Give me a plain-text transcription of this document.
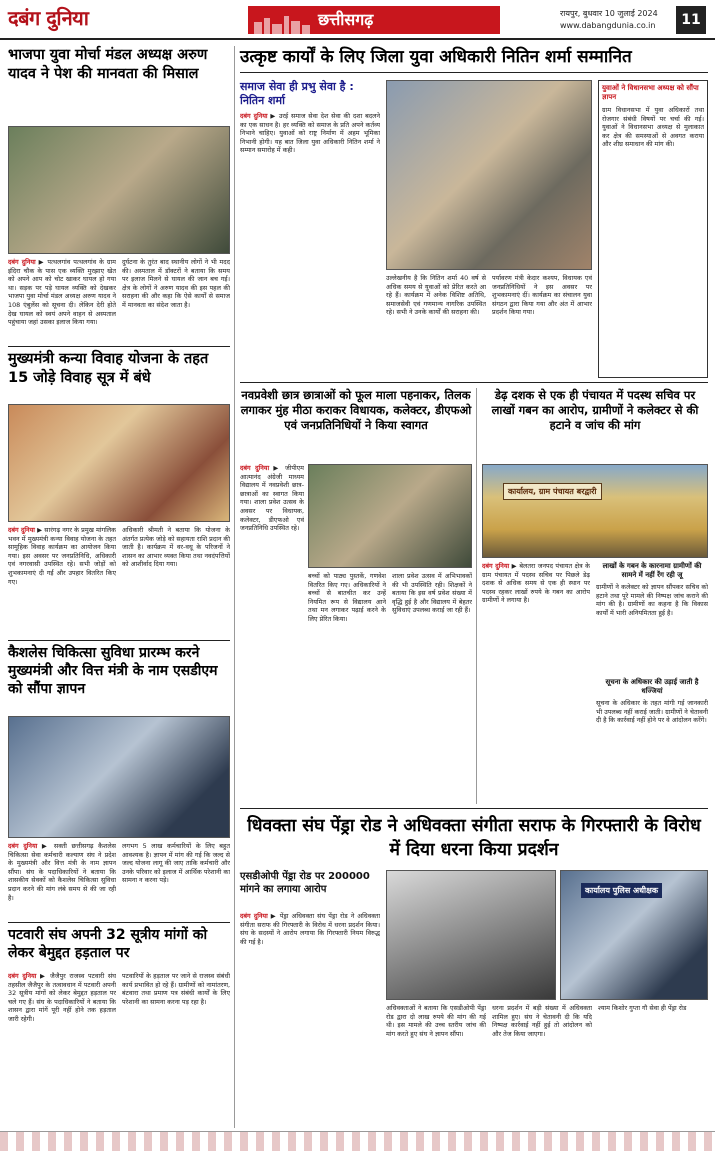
दबंग दुनिया	छत्तीसगढ़	रायपुर, बुधवार 10 जुलाई 2024
www.dabangdunia.co.in	11
भाजपा युवा मोर्चा मंडल अध्यक्ष अरुण यादव ने पेश की मानवता की मिसाल
दबंग दुनिया ▶ पत्थलगांव पत्थलगांव के ग्राम इंदिरा चौक के पास एक व्यक्ति मुरझाए खेत को अपने आप को चोट खाकर घायल हो गया था। सड़क पर पड़े घायल व्यक्ति को देखकर भाजपा युवा मोर्चा मंडल अध्यक्ष अरुण यादव ने 108 एंबुलेंस को सूचना दी। लेकिन देरी होते देख घायल को स्वयं अपने वाहन से अस्पताल पहुंचाया जहां उसका इलाज किया गया।
दुर्घटना के तुरंत बाद स्थानीय लोगों ने भी मदद की। अस्पताल में डॉक्टरों ने बताया कि समय पर इलाज मिलने से घायल की जान बच गई। क्षेत्र के लोगों ने अरुण यादव की इस पहल की सराहना की और कहा कि ऐसे कार्यों से समाज में मानवता का संदेश जाता है।
मुख्यमंत्री कन्या विवाह योजना के तहत 15 जोड़े विवाह सूत्र में बंधे
दबंग दुनिया ▶ सारंगढ़ नगर के प्रमुख मांगलिक भवन में मुख्यमंत्री कन्या विवाह योजना के तहत सामूहिक विवाह कार्यक्रम का आयोजन किया गया। इस अवसर पर जनप्रतिनिधि, अधिकारी एवं नगरवासी उपस्थित रहे। सभी जोड़ों को शुभकामनाएं दी गईं और उपहार वितरित किए गए।
अधिकारी श्रीमती ने बताया कि योजना के अंतर्गत प्रत्येक जोड़े को सहायता राशि प्रदान की जाती है। कार्यक्रम में वर-वधू के परिजनों ने शासन का आभार व्यक्त किया तथा नवदंपत्तियों को आशीर्वाद दिया गया।
कैशलेस चिकित्सा सुविधा प्रारम्भ करने मुख्यमंत्री और वित्त मंत्री के नाम एसडीएम को सौंपा ज्ञापन
दबंग दुनिया ▶ सक्ती छत्तीसगढ़ कैशलेस चिकित्सा सेवा कर्मचारी कल्याण संघ ने प्रदेश के मुख्यमंत्री और वित्त मंत्री के नाम ज्ञापन सौंपा। संघ के पदाधिकारियों ने बताया कि शासकीय सेवकों को कैशलेस चिकित्सा सुविधा प्रदान करने की मांग लंबे समय से की जा रही है।
लगभग 5 लाख कर्मचारियों के लिए बहुत आवश्यक है। ज्ञापन में मांग की गई कि जल्द से जल्द योजना लागू की जाए ताकि कर्मचारी और उनके परिवार को इलाज में आर्थिक परेशानी का सामना न करना पड़े।
पटवारी संघ अपनी 32 सूत्रीय मांगों को लेकर बेमुद्दत हड़ताल पर
दबंग दुनिया ▶ जैजैपुर राजस्व पटवारी संघ तहसील जैजैपुर के तत्वावधान में पटवारी अपनी 32 सूत्रीय मांगों को लेकर बेमुद्दत हड़ताल पर चले गए हैं। संघ के पदाधिकारियों ने बताया कि शासन द्वारा मांगें पूरी नहीं होने तक हड़ताल जारी रहेगी।
पटवारियों के हड़ताल पर जाने से राजस्व संबंधी कार्य प्रभावित हो रहे हैं। ग्रामीणों को नामांतरण, बंटवारा तथा प्रमाण पत्र संबंधी कार्यों के लिए परेशानी का सामना करना पड़ रहा है।
उत्कृष्ट कार्यों के लिए जिला युवा अधिकारी नितिन शर्मा सम्मानित
समाज सेवा ही प्रभु सेवा है : नितिन शर्मा
दबंग दुनिया ▶ उरई समाज सेवा देश सेवा की दशा बदलने का एक साधन है। हर व्यक्ति को समाज के प्रति अपने कर्तव्य निभाने चाहिए। युवाओं को राष्ट्र निर्माण में अहम भूमिका निभानी होगी। यह बात जिला युवा अधिकारी नितिन शर्मा ने सम्मान समारोह में कही।
उल्लेखनीय है कि नितिन शर्मा 40 वर्ष से अधिक समय से युवाओं को प्रेरित करते आ रहे हैं। कार्यक्रम में अनेक विशिष्ट अतिथि, समाजसेवी एवं गणमान्य नागरिक उपस्थित रहे। सभी ने उनके कार्यों की सराहना की।
पर्यावरण मंत्री केदार कश्यप, विधायक एवं जनप्रतिनिधियों ने इस अवसर पर शुभकामनाएं दीं। कार्यक्रम का संचालन युवा संगठन द्वारा किया गया और अंत में आभार प्रदर्शन किया गया।
युवाओं ने विधानसभा अध्यक्ष को सौंपा ज्ञापन
ग्राम विधानसभा में युवा अधिकारों तथा रोजगार संबंधी विषयों पर चर्चा की गई। युवाओं ने विधानसभा अध्यक्ष से मुलाकात कर क्षेत्र की समस्याओं से अवगत कराया और शीघ्र समाधान की मांग की।
नवप्रवेशी छात्र छात्राओं को फूल माला पहनाकर, तिलक लगाकर मुंह मीठा कराकर विधायक, कलेक्टर, डीएफओ एवं जनप्रतिनिधियों ने किया स्वागत
दबंग दुनिया ▶ जीपीएम आत्मानंद अंग्रेजी माध्यम विद्यालय में नवप्रवेशी छात्र-छात्राओं का स्वागत किया गया। शाला प्रवेश उत्सव के अवसर पर विधायक, कलेक्टर, डीएफओ एवं जनप्रतिनिधि उपस्थित रहे।
बच्चों को पाठ्य पुस्तकें, गणवेश वितरित किए गए। अधिकारियों ने बच्चों से बातचीत कर उन्हें नियमित रूप से विद्यालय आने तथा मन लगाकर पढ़ाई करने के लिए प्रेरित किया।
शाला प्रवेश उत्सव में अभिभावकों की भी उपस्थिति रही। शिक्षकों ने बताया कि इस वर्ष प्रवेश संख्या में वृद्धि हुई है और विद्यालय में बेहतर सुविधाएं उपलब्ध कराई जा रही हैं।
डेढ़ दशक से एक ही पंचायत में पदस्थ सचिव पर लाखों गबन का आरोप, ग्रामीणों ने कलेक्टर से की हटाने व जांच की मांग
कार्यालय, ग्राम पंचायत बरद्वारी
दबंग दुनिया ▶ बेलतरा जनपद पंचायत क्षेत्र के ग्राम पंचायत में पदस्थ सचिव पर पिछले डेढ़ दशक से अधिक समय से एक ही स्थान पर पदस्थ रहकर लाखों रुपये के गबन का आरोप ग्रामीणों ने लगाया है।
लाखों के गबन के कारनामा ग्रामीणों की सामने में नहीं रेंग रही जू
ग्रामीणों ने कलेक्टर को ज्ञापन सौंपकर सचिव को हटाने तथा पूरे मामले की निष्पक्ष जांच कराने की मांग की है। ग्रामीणों का कहना है कि विकास कार्यों में भारी अनियमितता हुई है।
सूचना के अधिकार की उड़ाई जाती है धज्जियां
सूचना के अधिकार के तहत मांगी गई जानकारी भी उपलब्ध नहीं कराई जाती। ग्रामीणों ने चेतावनी दी है कि कार्रवाई नहीं होने पर वे आंदोलन करेंगे।
धिवक्ता संघ पेंड्रा रोड ने अधिवक्ता संगीता सराफ के गिरफ्तारी के विरोध में दिया धरना किया प्रदर्शन
एसडीओपी पेंड्रा रोड पर 200000 मांगने का लगाया आरोप
दबंग दुनिया ▶ पेंड्रा अधिवक्ता संघ पेंड्रा रोड ने अधिवक्ता संगीता सराफ की गिरफ्तारी के विरोध में धरना प्रदर्शन किया। संघ के सदस्यों ने आरोप लगाया कि गिरफ्तारी नियम विरुद्ध की गई है।
कार्यालय पुलिस अधीक्षक
अधिवक्ताओं ने बताया कि एसडीओपी पेंड्रा रोड द्वारा दो लाख रुपये की मांग की गई थी। इस मामले की उच्च स्तरीय जांच की मांग करते हुए संघ ने ज्ञापन सौंपा।
धरना प्रदर्शन में बड़ी संख्या में अधिवक्ता शामिल हुए। संघ ने चेतावनी दी कि यदि निष्पक्ष कार्रवाई नहीं हुई तो आंदोलन को और तेज किया जाएगा।
श्याम किशोर गुप्ता गौ सेवा ही पेंड्रा रोड
